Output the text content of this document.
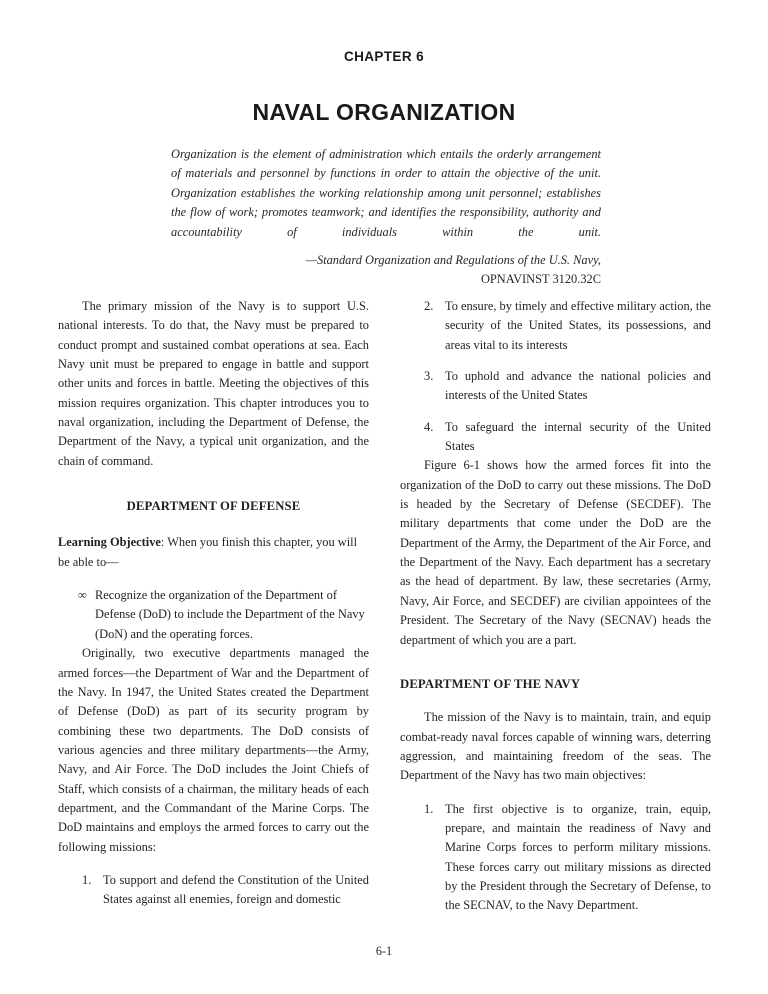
CHAPTER 6
NAVAL ORGANIZATION

Organization is the element of administration which entails the orderly arrangement of materials and personnel by functions in order to attain the objective of the unit. Organization establishes the working relationship among unit personnel; establishes the flow of work; promotes teamwork; and identifies the responsibility, authority and accountability of individuals within the unit.

—Standard Organization and Regulations of the U.S. Navy,

OPNAVINST 3120.32C

The primary mission of the Navy is to support U.S. national interests. To do that, the Navy must be prepared to conduct prompt and sustained combat operations at sea. Each Navy unit must be prepared to engage in battle and support other units and forces in battle. Meeting the objectives of this mission requires organization. This chapter introduces you to naval organization, including the Department of Defense, the Department of the Navy, a typical unit organization, and the chain of command.

DEPARTMENT OF DEFENSE

Learning Objective: When you finish this chapter, you will be able to—

∞ Recognize the organization of the Department of Defense (DoD) to include the Department of the Navy (DoN) and the operating forces.

Originally, two executive departments managed the armed forces—the Department of War and the Department of the Navy. In 1947, the United States created the Department of Defense (DoD) as part of its security program by combining these two departments. The DoD consists of various agencies and three military departments—the Army, Navy, and Air Force. The DoD includes the Joint Chiefs of Staff, which consists of a chairman, the military heads of each department, and the Commandant of the Marine Corps. The DoD maintains and employs the armed forces to carry out the following missions:

1. To support and defend the Constitution of the United States against all enemies, foreign and domestic
2. To ensure, by timely and effective military action, the security of the United States, its possessions, and areas vital to its interests
3. To uphold and advance the national policies and interests of the United States
4. To safeguard the internal security of the United States

Figure 6-1 shows how the armed forces fit into the organization of the DoD to carry out these missions. The DoD is headed by the Secretary of Defense (SECDEF). The military departments that come under the DoD are the Department of the Army, the Department of the Air Force, and the Department of the Navy. Each department has a secretary as the head of department. By law, these secretaries (Army, Navy, Air Force, and SECDEF) are civilian appointees of the President. The Secretary of the Navy (SECNAV) heads the department of which you are a part.

DEPARTMENT OF THE NAVY

The mission of the Navy is to maintain, train, and equip combat-ready naval forces capable of winning wars, deterring aggression, and maintaining freedom of the seas. The Department of the Navy has two main objectives:

1. The first objective is to organize, train, equip, prepare, and maintain the readiness of Navy and Marine Corps forces to perform military missions. These forces carry out military missions as directed by the President through the Secretary of Defense, to the SECNAV, to the Navy Department.
6-1
